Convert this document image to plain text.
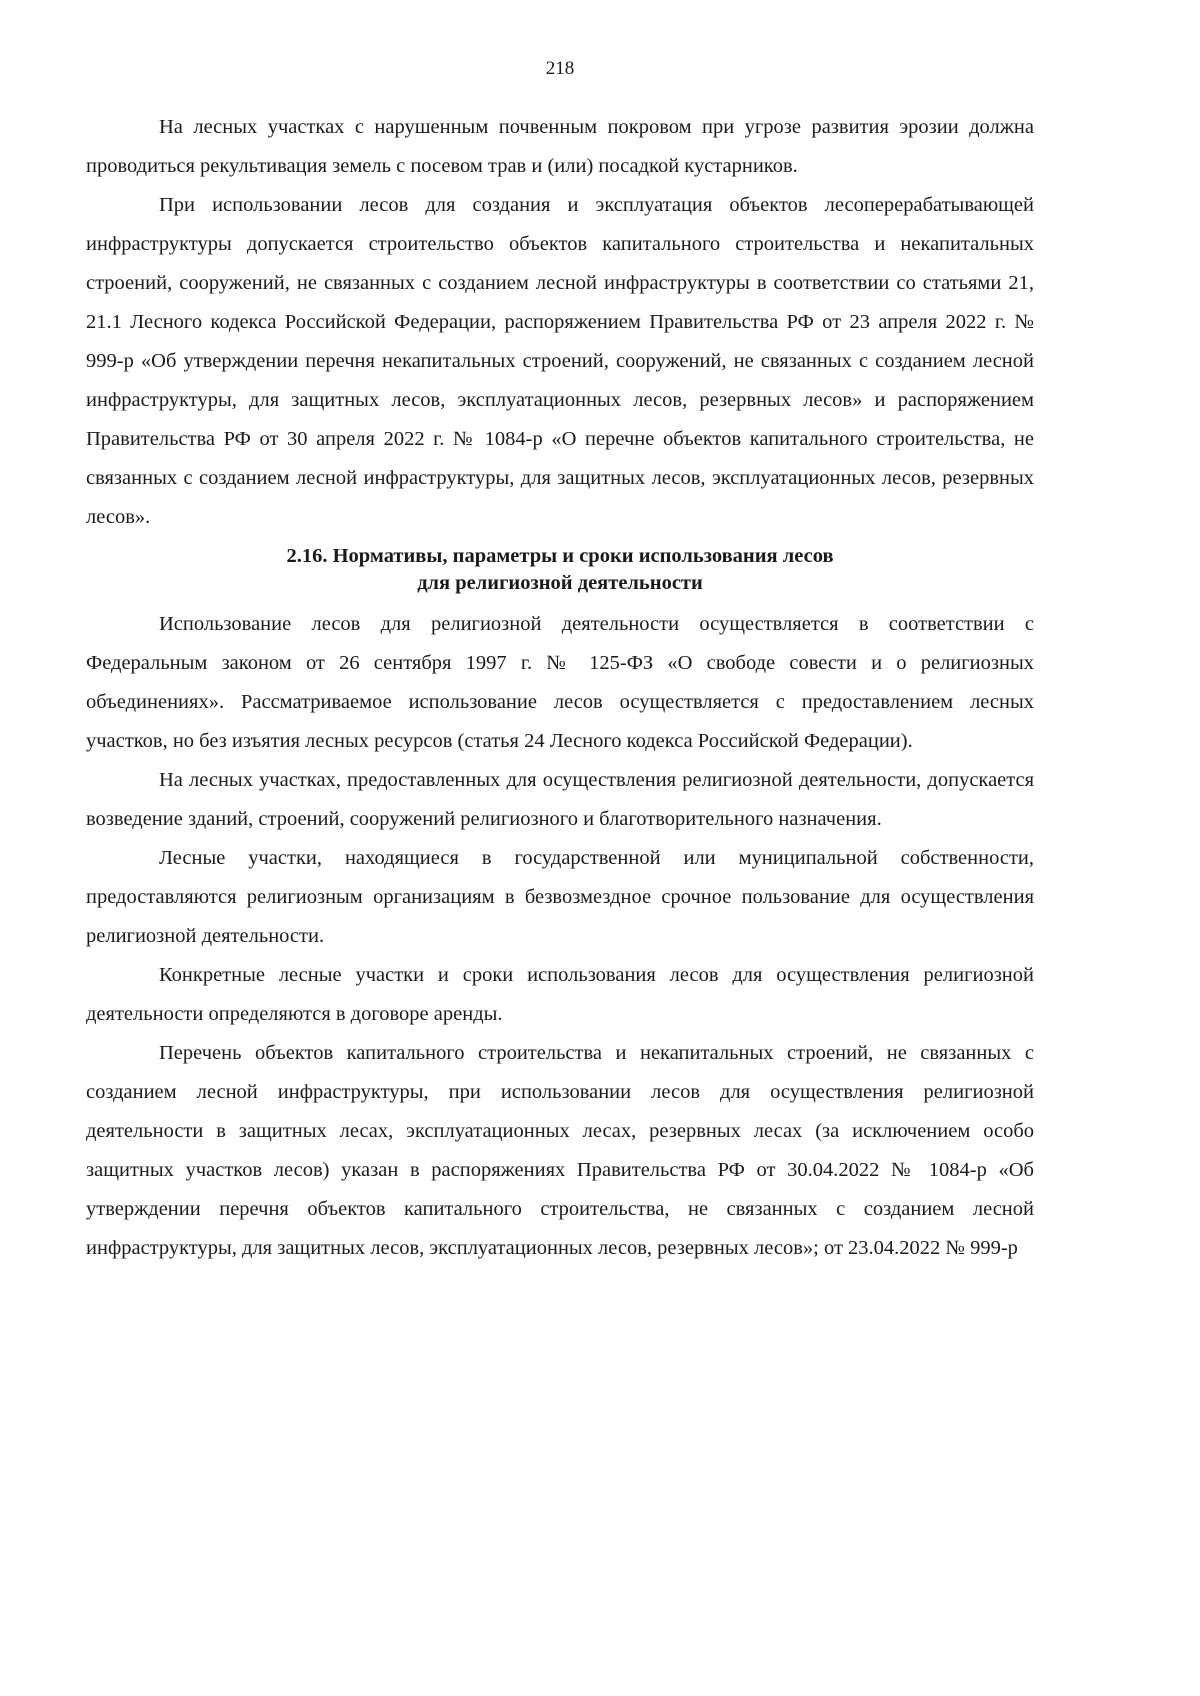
218

На лесных участках с нарушенным почвенным покровом при угрозе развития эрозии должна проводиться рекультивация земель с посевом трав и (или) посадкой кустарников.

При использовании лесов для создания и эксплуатация объектов лесоперерабатывающей инфраструктуры допускается строительство объектов капитального строительства и некапитальных строений, сооружений, не связанных с созданием лесной инфраструктуры в соответствии со статьями 21, 21.1 Лесного кодекса Российской Федерации, распоряжением Правительства РФ от 23 апреля 2022 г. № 999-р «Об утверждении перечня некапитальных строений, сооружений, не связанных с созданием лесной инфраструктуры, для защитных лесов, эксплуатационных лесов, резервных лесов» и распоряжением Правительства РФ от 30 апреля 2022 г. № 1084-р «О перечне объектов капитального строительства, не связанных с созданием лесной инфраструктуры, для защитных лесов, эксплуатационных лесов, резервных лесов».

2.16. Нормативы, параметры и сроки использования лесов
для религиозной деятельности

Использование лесов для религиозной деятельности осуществляется в соответствии с Федеральным законом от 26 сентября 1997 г. № 125-ФЗ «О свободе совести и о религиозных объединениях». Рассматриваемое использование лесов осуществляется с предоставлением лесных участков, но без изъятия лесных ресурсов (статья 24 Лесного кодекса Российской Федерации).

На лесных участках, предоставленных для осуществления религиозной деятельности, допускается возведение зданий, строений, сооружений религиозного и благотворительного назначения.

Лесные участки, находящиеся в государственной или муниципальной собственности, предоставляются религиозным организациям в безвозмездное срочное пользование для осуществления религиозной деятельности.

Конкретные лесные участки и сроки использования лесов для осуществления религиозной деятельности определяются в договоре аренды.

Перечень объектов капитального строительства и некапитальных строений, не связанных с созданием лесной инфраструктуры, при использовании лесов для осуществления религиозной деятельности в защитных лесах, эксплуатационных лесах, резервных лесах (за исключением особо защитных участков лесов) указан в распоряжениях Правительства РФ от 30.04.2022 № 1084-р «Об утверждении перечня объектов капитального строительства, не связанных с созданием лесной инфраструктуры, для защитных лесов, эксплуатационных лесов, резервных лесов»; от 23.04.2022 № 999-р
